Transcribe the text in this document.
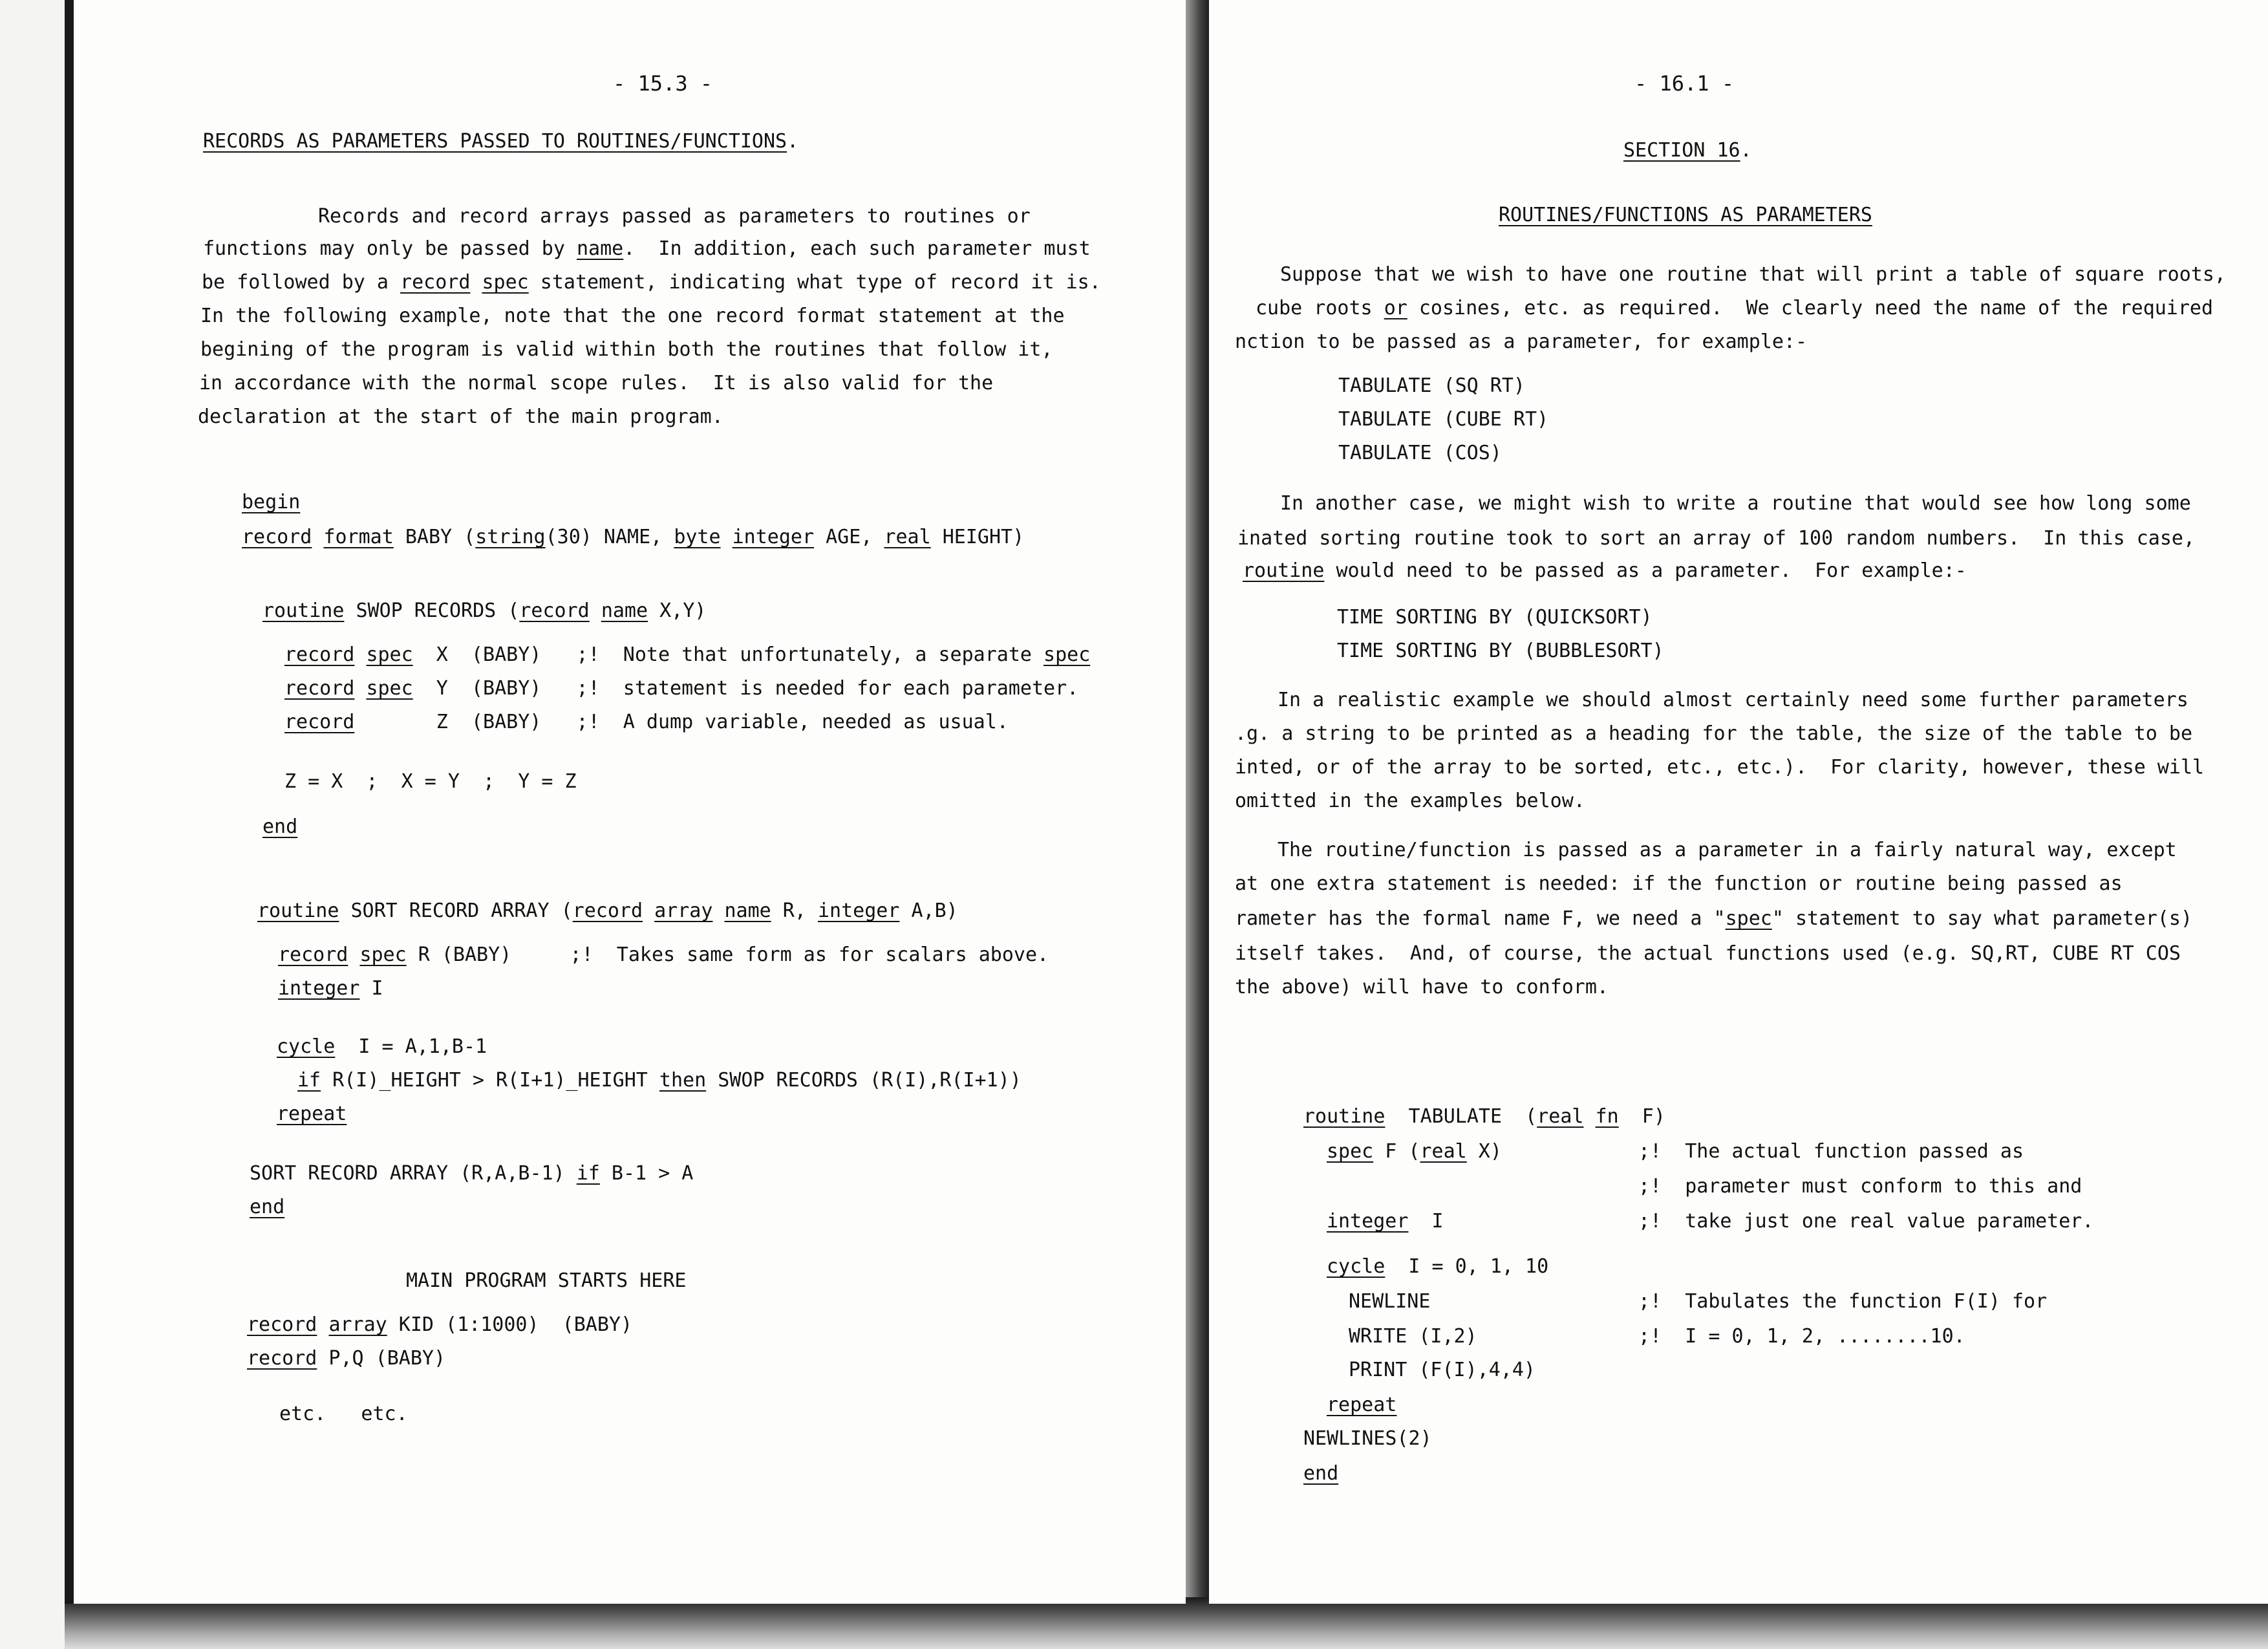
- 15.3 -
RECORDS AS PARAMETERS PASSED TO ROUTINES/FUNCTIONS.
Records and record arrays passed as parameters to routines or
functions may only be passed by name.  In addition, each such parameter must
be followed by a record spec statement, indicating what type of record it is.
In the following example, note that the one record format statement at the
begining of the program is valid within both the routines that follow it,
in accordance with the normal scope rules.  It is also valid for the
declaration at the start of the main program.
begin
record format BABY (string(30) NAME, byte integer AGE, real HEIGHT)
routine SWOP RECORDS (record name X,Y)
record spec  X  (BABY)   ;!  Note that unfortunately, a separate spec
record spec  Y  (BABY)   ;!  statement is needed for each parameter.
record       Z  (BABY)   ;!  A dump variable, needed as usual.
Z = X  ;  X = Y  ;  Y = Z
end
routine SORT RECORD ARRAY (record array name R, integer A,B)
record spec R (BABY)     ;!  Takes same form as for scalars above.
integer I
cycle  I = A,1,B-1
if R(I)_HEIGHT > R(I+1)_HEIGHT then SWOP RECORDS (R(I),R(I+1))
repeat
SORT RECORD ARRAY (R,A,B-1) if B-1 > A
end
MAIN PROGRAM STARTS HERE
record array KID (1:1000)  (BABY)
record P,Q (BABY)
etc.   etc.
- 16.1 -
SECTION 16.
ROUTINES/FUNCTIONS AS PARAMETERS
Suppose that we wish to have one routine that will print a table of square roots,
cube roots or cosines, etc. as required.  We clearly need the name of the required
nction to be passed as a parameter, for example:-
TABULATE (SQ RT)
TABULATE (CUBE RT)
TABULATE (COS)
In another case, we might wish to write a routine that would see how long some
inated sorting routine took to sort an array of 100 random numbers.  In this case,
routine would need to be passed as a parameter.  For example:-
TIME SORTING BY (QUICKSORT)
TIME SORTING BY (BUBBLESORT)
In a realistic example we should almost certainly need some further parameters
.g. a string to be printed as a heading for the table, the size of the table to be
inted, or of the array to be sorted, etc., etc.).  For clarity, however, these will
omitted in the examples below.
The routine/function is passed as a parameter in a fairly natural way, except
at one extra statement is needed: if the function or routine being passed as
rameter has the formal name F, we need a "spec" statement to say what parameter(s)
itself takes.  And, of course, the actual functions used (e.g. SQ,RT, CUBE RT COS
the above) will have to conform.
routine  TABULATE  (real fn  F)
spec F (real X)	;!  The actual function passed as
;!  parameter must conform to this and
integer  I	;!  take just one real value parameter.
cycle  I = 0, 1, 10
NEWLINE	;!  Tabulates the function F(I) for
WRITE (I,2)	;!  I = 0, 1, 2, ........10.
PRINT (F(I),4,4)
repeat
NEWLINES(2)
end
